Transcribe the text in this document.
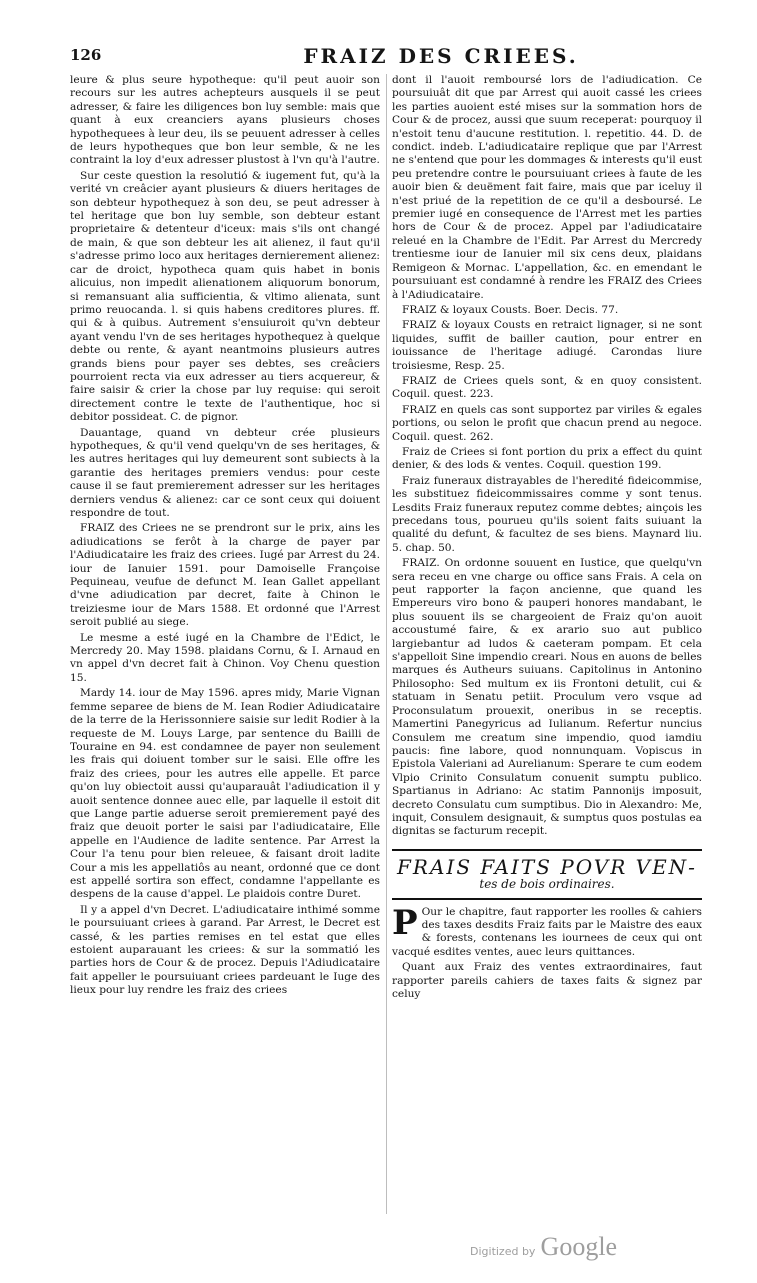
126	FRAIZ DES CRIEES.

leure & plus seure hypotheque: qu'il peut auoir son recours sur les autres achepteurs ausquels il se peut adresser, & faire les diligences bon luy semble: mais que quant à eux creanciers ayans plusieurs choses hypothequees à leur deu, ils se peuuent adresser à celles de leurs hypotheques que bon leur semble, & ne les contraint la loy d'eux adresser plustost à l'vn qu'à l'autre.

Sur ceste question la resolutió & iugement fut, qu'à la verité vn creâcier ayant plusieurs & diuers heritages de son debteur hypothequez à son deu, se peut adresser à tel heritage que bon luy semble, son debteur estant proprietaire & detenteur d'iceux: mais s'ils ont changé de main, & que son debteur les ait alienez, il faut qu'il s'adresse primo loco aux heritages dernierement alienez: car de droict, hypotheca quam quis habet in bonis alicuius, non impedit alienationem aliquorum bonorum, si remansuant alia sufficientia, & vltimo alienata, sunt primo reuocanda. l. si quis habens creditores plures. ff. qui & à quibus. Autrement s'ensuiuroit qu'vn debteur ayant vendu l'vn de ses heritages hypothequez à quelque debte ou rente, & ayant neantmoins plusieurs autres grands biens pour payer ses debtes, ses creâciers pourroient recta via eux adresser au tiers acquereur, & faire saisir & crier la chose par luy requise: qui seroit directement contre le texte de l'authentique, hoc si debitor possideat. C. de pignor.

Dauantage, quand vn debteur crée plusieurs hypotheques, & qu'il vend quelqu'vn de ses heritages, & les autres heritages qui luy demeurent sont subiects à la garantie des heritages premiers vendus: pour ceste cause il se faut premierement adresser sur les heritages derniers vendus & alienez: car ce sont ceux qui doiuent respondre de tout.

FRAIZ des Criees ne se prendront sur le prix, ains les adiudications se ferôt à la charge de payer par l'Adiudicataire les fraiz des criees. Iugé par Arrest du 24. iour de Ianuier 1591. pour Damoiselle Françoise Pequineau, veufue de defunct M. Iean Gallet appellant d'vne adiudication par decret, faite à Chinon le treiziesme iour de Mars 1588. Et ordonné que l'Arrest seroit publié au siege.

Le mesme a esté iugé en la Chambre de l'Edict, le Mercredy 20. May 1598. plaidans Cornu, & I. Arnaud en vn appel d'vn decret fait à Chinon. Voy Chenu question 15.

Mardy 14. iour de May 1596. apres midy, Marie Vignan femme separee de biens de M. Iean Rodier Adiudicataire de la terre de la Herissonniere saisie sur ledit Rodier à la requeste de M. Louys Large, par sentence du Bailli de Touraine en 94. est condamnee de payer non seulement les frais qui doiuent tomber sur le saisi. Elle offre les fraiz des criees, pour les autres elle appelle. Et parce qu'on luy obiectoit aussi qu'auparauât l'adiudication il y auoit sentence donnee auec elle, par laquelle il estoit dit que Lange partie aduerse seroit premierement payé des fraiz que deuoit porter le saisi par l'adiudicataire, Elle appelle en l'Audience de ladite sentence. Par Arrest la Cour l'a tenu pour bien releuee, & faisant droit ladite Cour a mis les appellatiôs au neant, ordonné que ce dont est appellé sortira son effect, condamne l'appellante es despens de la cause d'appel. Le plaidois contre Duret.

Il y a appel d'vn Decret. L'adiudicataire inthimé somme le poursuiuant criees à garand. Par Arrest, le Decret est cassé, & les parties remises en tel estat que elles estoient auparauant les criees: & sur la sommatió les parties hors de Cour & de procez. Depuis l'Adiudicataire fait appeller le poursuiuant criees pardeuant le Iuge des lieux pour luy rendre les fraiz des criees

dont il l'auoit remboursé lors de l'adiudication. Ce poursuiuât dit que par Arrest qui auoit cassé les criees les parties auoient esté mises sur la sommation hors de Cour & de procez, aussi que suum receperat: pourquoy il n'estoit tenu d'aucune restitution. l. repetitio. 44. D. de condict. indeb. L'adiudicataire replique que par l'Arrest ne s'entend que pour les dommages & interests qu'il eust peu pretendre contre le poursuiuant criees à faute de les auoir bien & deuëment fait faire, mais que par iceluy il n'est priué de la repetition de ce qu'il a desboursé. Le premier iugé en consequence de l'Arrest met les parties hors de Cour & de procez. Appel par l'adiudicataire releué en la Chambre de l'Edit. Par Arrest du Mercredy trentiesme iour de Ianuier mil six cens deux, plaidans Remigeon & Mornac. L'appellation, &c. en emendant le poursuiuant est condamné à rendre les FRAIZ des Criees à l'Adiudicataire.

FRAIZ & loyaux Cousts. Boer. Decis. 77.

FRAIZ & loyaux Cousts en retraict lignager, si ne sont liquides, suffit de bailler caution, pour entrer en iouissance de l'heritage adiugé. Carondas liure troisiesme, Resp. 25.

FRAIZ de Criees quels sont, & en quoy consistent. Coquil. quest. 223.

FRAIZ en quels cas sont supportez par viriles & egales portions, ou selon le profit que chacun prend au negoce. Coquil. quest. 262.

Fraiz de Criees si font portion du prix a effect du quint denier, & des lods & ventes. Coquil. question 199.

Fraiz funeraux distrayables de l'heredité fideicommise, les substituez fideicommissaires comme y sont tenus. Lesdits Fraiz funeraux reputez comme debtes; ainçois les precedans tous, pourueu qu'ils soient faits suiuant la qualité du defunt, & facultez de ses biens. Maynard liu. 5. chap. 50.

FRAIZ. On ordonne souuent en Iustice, que quelqu'vn sera receu en vne charge ou office sans Frais. A cela on peut rapporter la façon ancienne, que quand les Empereurs viro bono & pauperi honores mandabant, le plus souuent ils se chargeoient de Fraiz qu'on auoit accoustumé faire, & ex arario suo aut publico largiebantur ad ludos & caeteram pompam. Et cela s'appelloit Sine impendio creari. Nous en auons de belles marques és Autheurs suiuans. Capitolinus in Antonino Philosopho: Sed multum ex iis Frontoni detulit, cui & statuam in Senatu petiit. Proculum vero vsque ad Proconsulatum prouexit, oneribus in se receptis. Mamertini Panegyricus ad Iulianum. Refertur nuncius Consulem me creatum sine impendio, quod iamdiu paucis: fine labore, quod nonnunquam. Vopiscus in Epistola Valeriani ad Aurelianum: Sperare te cum eodem Vlpio Crinito Consulatum conuenit sumptu publico. Spartianus in Adriano: Ac statim Pannonijs imposuit, decreto Consulatu cum sumptibus. Dio in Alexandro: Me, inquit, Consulem designauit, & sumptus quos postulas ea dignitas se facturum recepit.

FRAIS FAITS POVR VEN-
tes de bois ordinaires.

P Our le chapitre, faut rapporter les roolles & cahiers des taxes desdits Fraiz faits par le Maistre des eaux & forests, contenans les iournees de ceux qui ont vacqué esdites ventes, auec leurs quittances.

Quant aux Fraiz des ventes extraordinaires, faut rapporter pareils cahiers de taxes faits & signez par celuy

Digitized by Google
